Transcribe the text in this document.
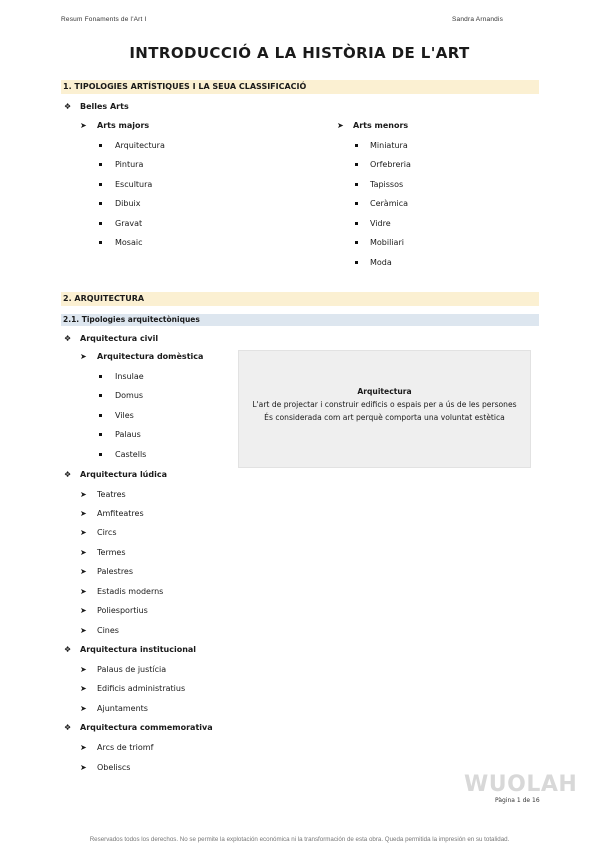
Resum Fonaments de l'Art I	Sandra Arnandis
INTRODUCCIÓ A LA HISTÒRIA DE L'ART
1. TIPOLOGIES ARTÍSTIQUES I LA SEUA CLASSIFICACIÓ
❖ Belles Arts
➤ Arts majors	➤ Arts menors
Arquitectura
Pintura
Escultura
Dibuix
Gravat
Mosaic
Miniatura
Orfebreria
Tapissos
Ceràmica
Vidre
Mobiliari
Moda
2. ARQUITECTURA
2.1. Tipologies arquitectòniques
❖ Arquitectura civil
➤ Arquitectura domèstica
Insulae
Domus
Viles
Palaus
Castells
Arquitectura
L'art de projectar i construir edificis o espais per a ús de les persones
És considerada com art perquè comporta una voluntat estètica
❖ Arquitectura lúdica
➤ Teatres
➤ Amfiteatres
➤ Circs
➤ Termes
➤ Palestres
➤ Estadis moderns
➤ Poliesportius
➤ Cines
❖ Arquitectura institucional
➤ Palaus de justícia
➤ Edificis administratius
➤ Ajuntaments
❖ Arquitectura commemorativa
➤ Arcs de triomf
➤ Obeliscs
WUOLAH
Pàgina 1 de 16
Reservados todos los derechos. No se permite la explotación económica ni la transformación de esta obra. Queda permitida la impresión en su totalidad.
